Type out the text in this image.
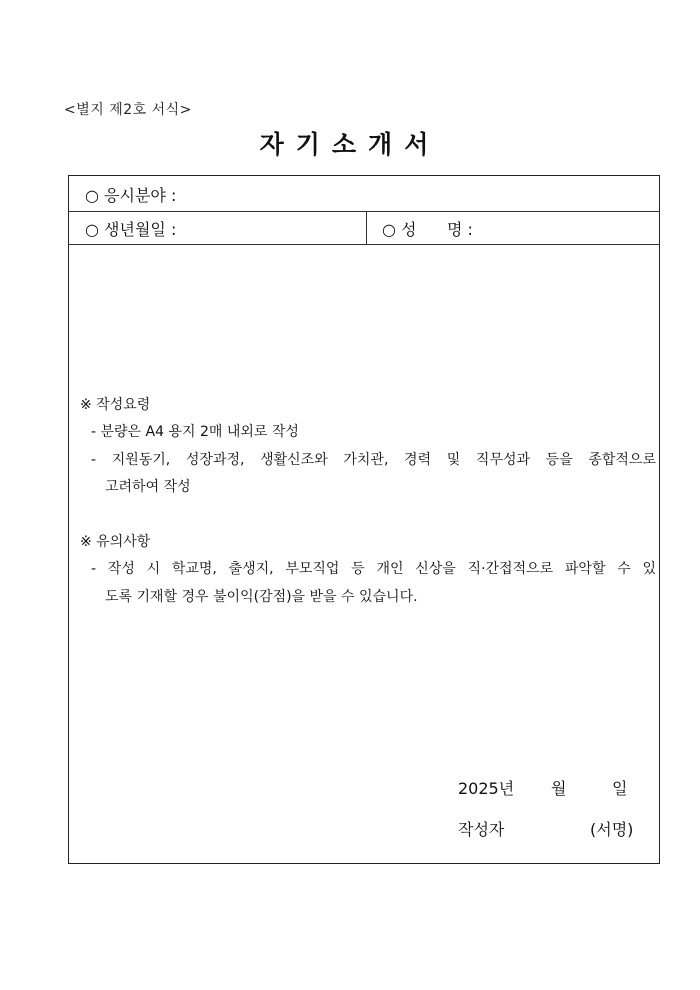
<별지 제2호 서식>
자기소개서
○ 응시분야 :
○ 생년월일 :	○ 성      명 :
※ 작성요령
- 분량은 A4 용지 2매 내외로 작성
- 지원동기, 성장과정, 생활신조와 가치관, 경력 및 직무성과 등을 종합적으로
고려하여 작성
※ 유의사항
- 작성 시 학교명, 출생지, 부모직업 등 개인 신상을 직·간접적으로 파악할 수 있
도록 기재할 경우 불이익(감점)을 받을 수 있습니다.
2025년 월	일
작성자	(서명)
